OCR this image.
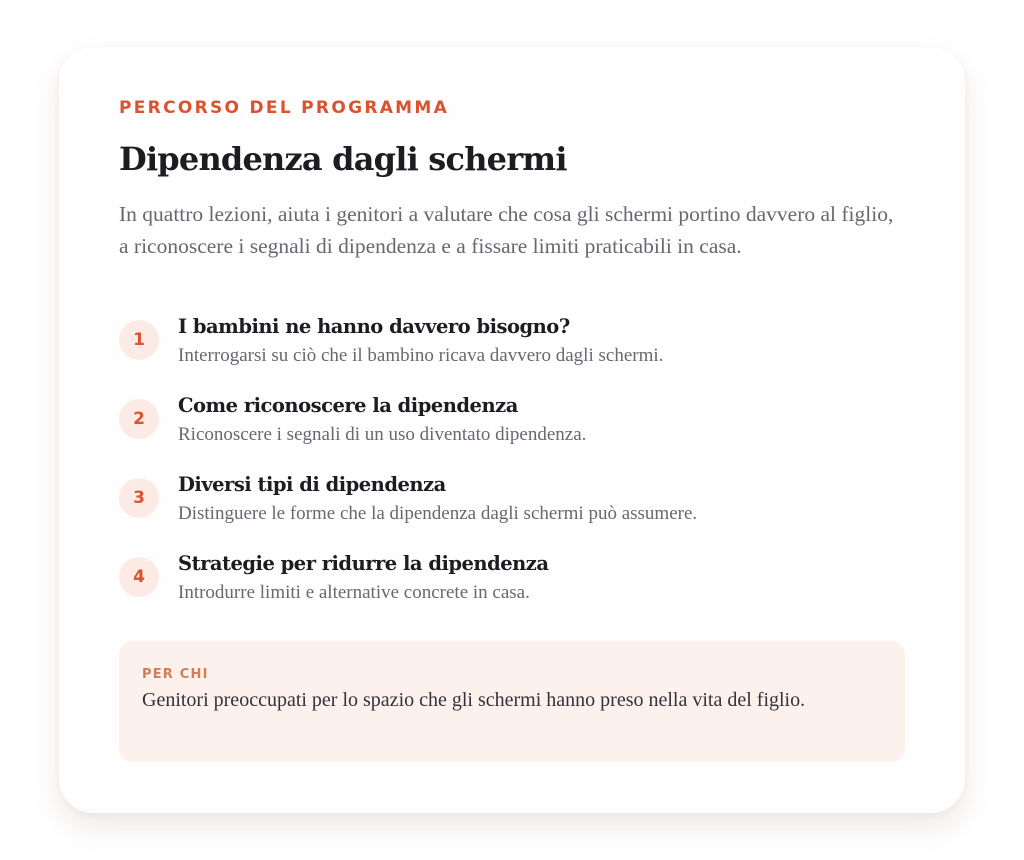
PERCORSO DEL PROGRAMMA

Dipendenza dagli schermi

In quattro lezioni, aiuta i genitori a valutare che cosa gli schermi portino davvero al figlio, a riconoscere i segnali di dipendenza e a fissare limiti praticabili in casa.

1
I bambini ne hanno davvero bisogno?

Interrogarsi su ciò che il bambino ricava davvero dagli schermi.

2
Come riconoscere la dipendenza

Riconoscere i segnali di un uso diventato dipendenza.

3
Diversi tipi di dipendenza

Distinguere le forme che la dipendenza dagli schermi può assumere.

4
Strategie per ridurre la dipendenza

Introdurre limiti e alternative concrete in casa.

PER CHI

Genitori preoccupati per lo spazio che gli schermi hanno preso nella vita del figlio.
